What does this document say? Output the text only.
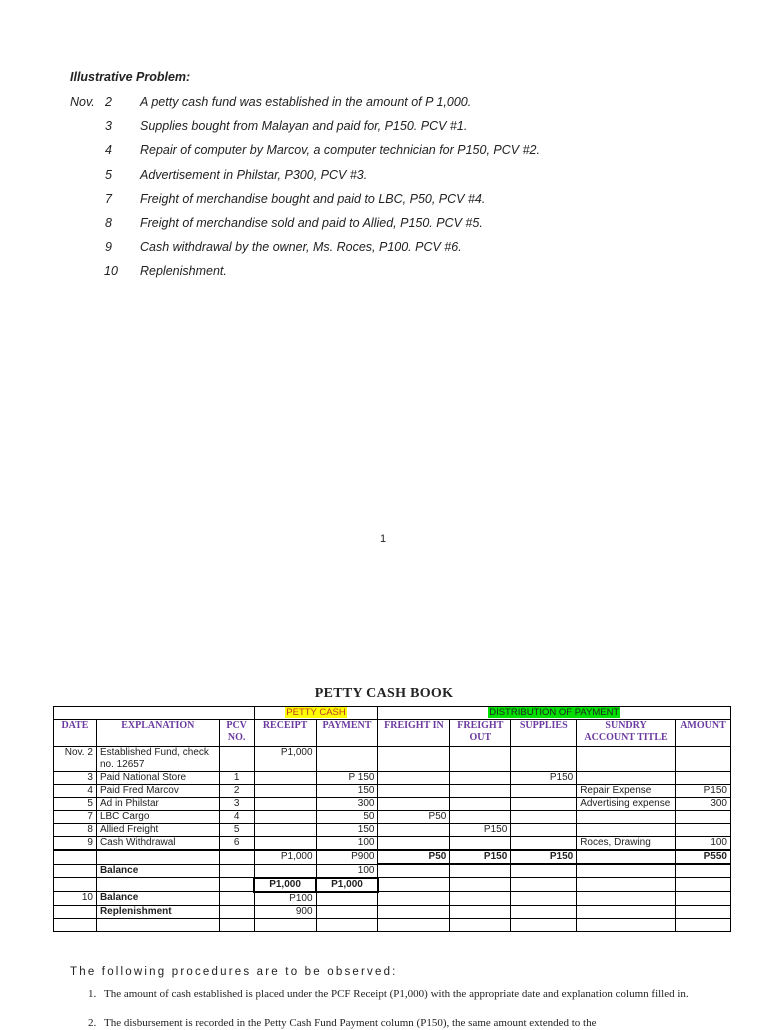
Illustrative Problem:
Nov. 2 A petty cash fund was established in the amount of P 1,000.
3 Supplies bought from Malayan and paid for, P150. PCV #1.
4 Repair of computer by Marcov, a computer technician for P150, PCV #2.
5 Advertisement in Philstar, P300, PCV #3.
7 Freight of merchandise bought and paid to LBC, P50, PCV #4.
8 Freight of merchandise sold and paid to Allied, P150. PCV #5.
9 Cash withdrawal by the owner, Ms. Roces, P100. PCV #6.
10 Replenishment.
1
PETTY CASH BOOK
			PETTY CASH		DISTRIBUTION OF PAYMENT				
DATE	EXPLANATION	PCV NO.	RECEIPT	PAYMENT	FREIGHT IN	FREIGHT OUT	SUPPLIES	SUNDRY ACCOUNT TITLE	AMOUNT
Nov. 2	Established Fund, check no. 12657		P1,000						
3	Paid National Store	1		P 150			P150		
4	Paid Fred Marcov	2		150				Repair Expense	P150
5	Ad in Philstar	3		300				Advertising expense	300
7	LBC Cargo	4		50	P50				
8	Allied Freight	5		150		P150			
9	Cash Withdrawal	6		100				Roces, Drawing	100
			P1,000	P900	P50	P150	P150		P550
	Balance			100					
			P1,000	P1,000					
10	Balance		P100						
	Replenishment		900						

The following procedures are to be observed:
1. The amount of cash established is placed under the PCF Receipt (P1,000) with the appropriate date and explanation column filled in.
2. The disbursement is recorded in the Petty Cash Fund Payment column (P150), the same amount extended to the
